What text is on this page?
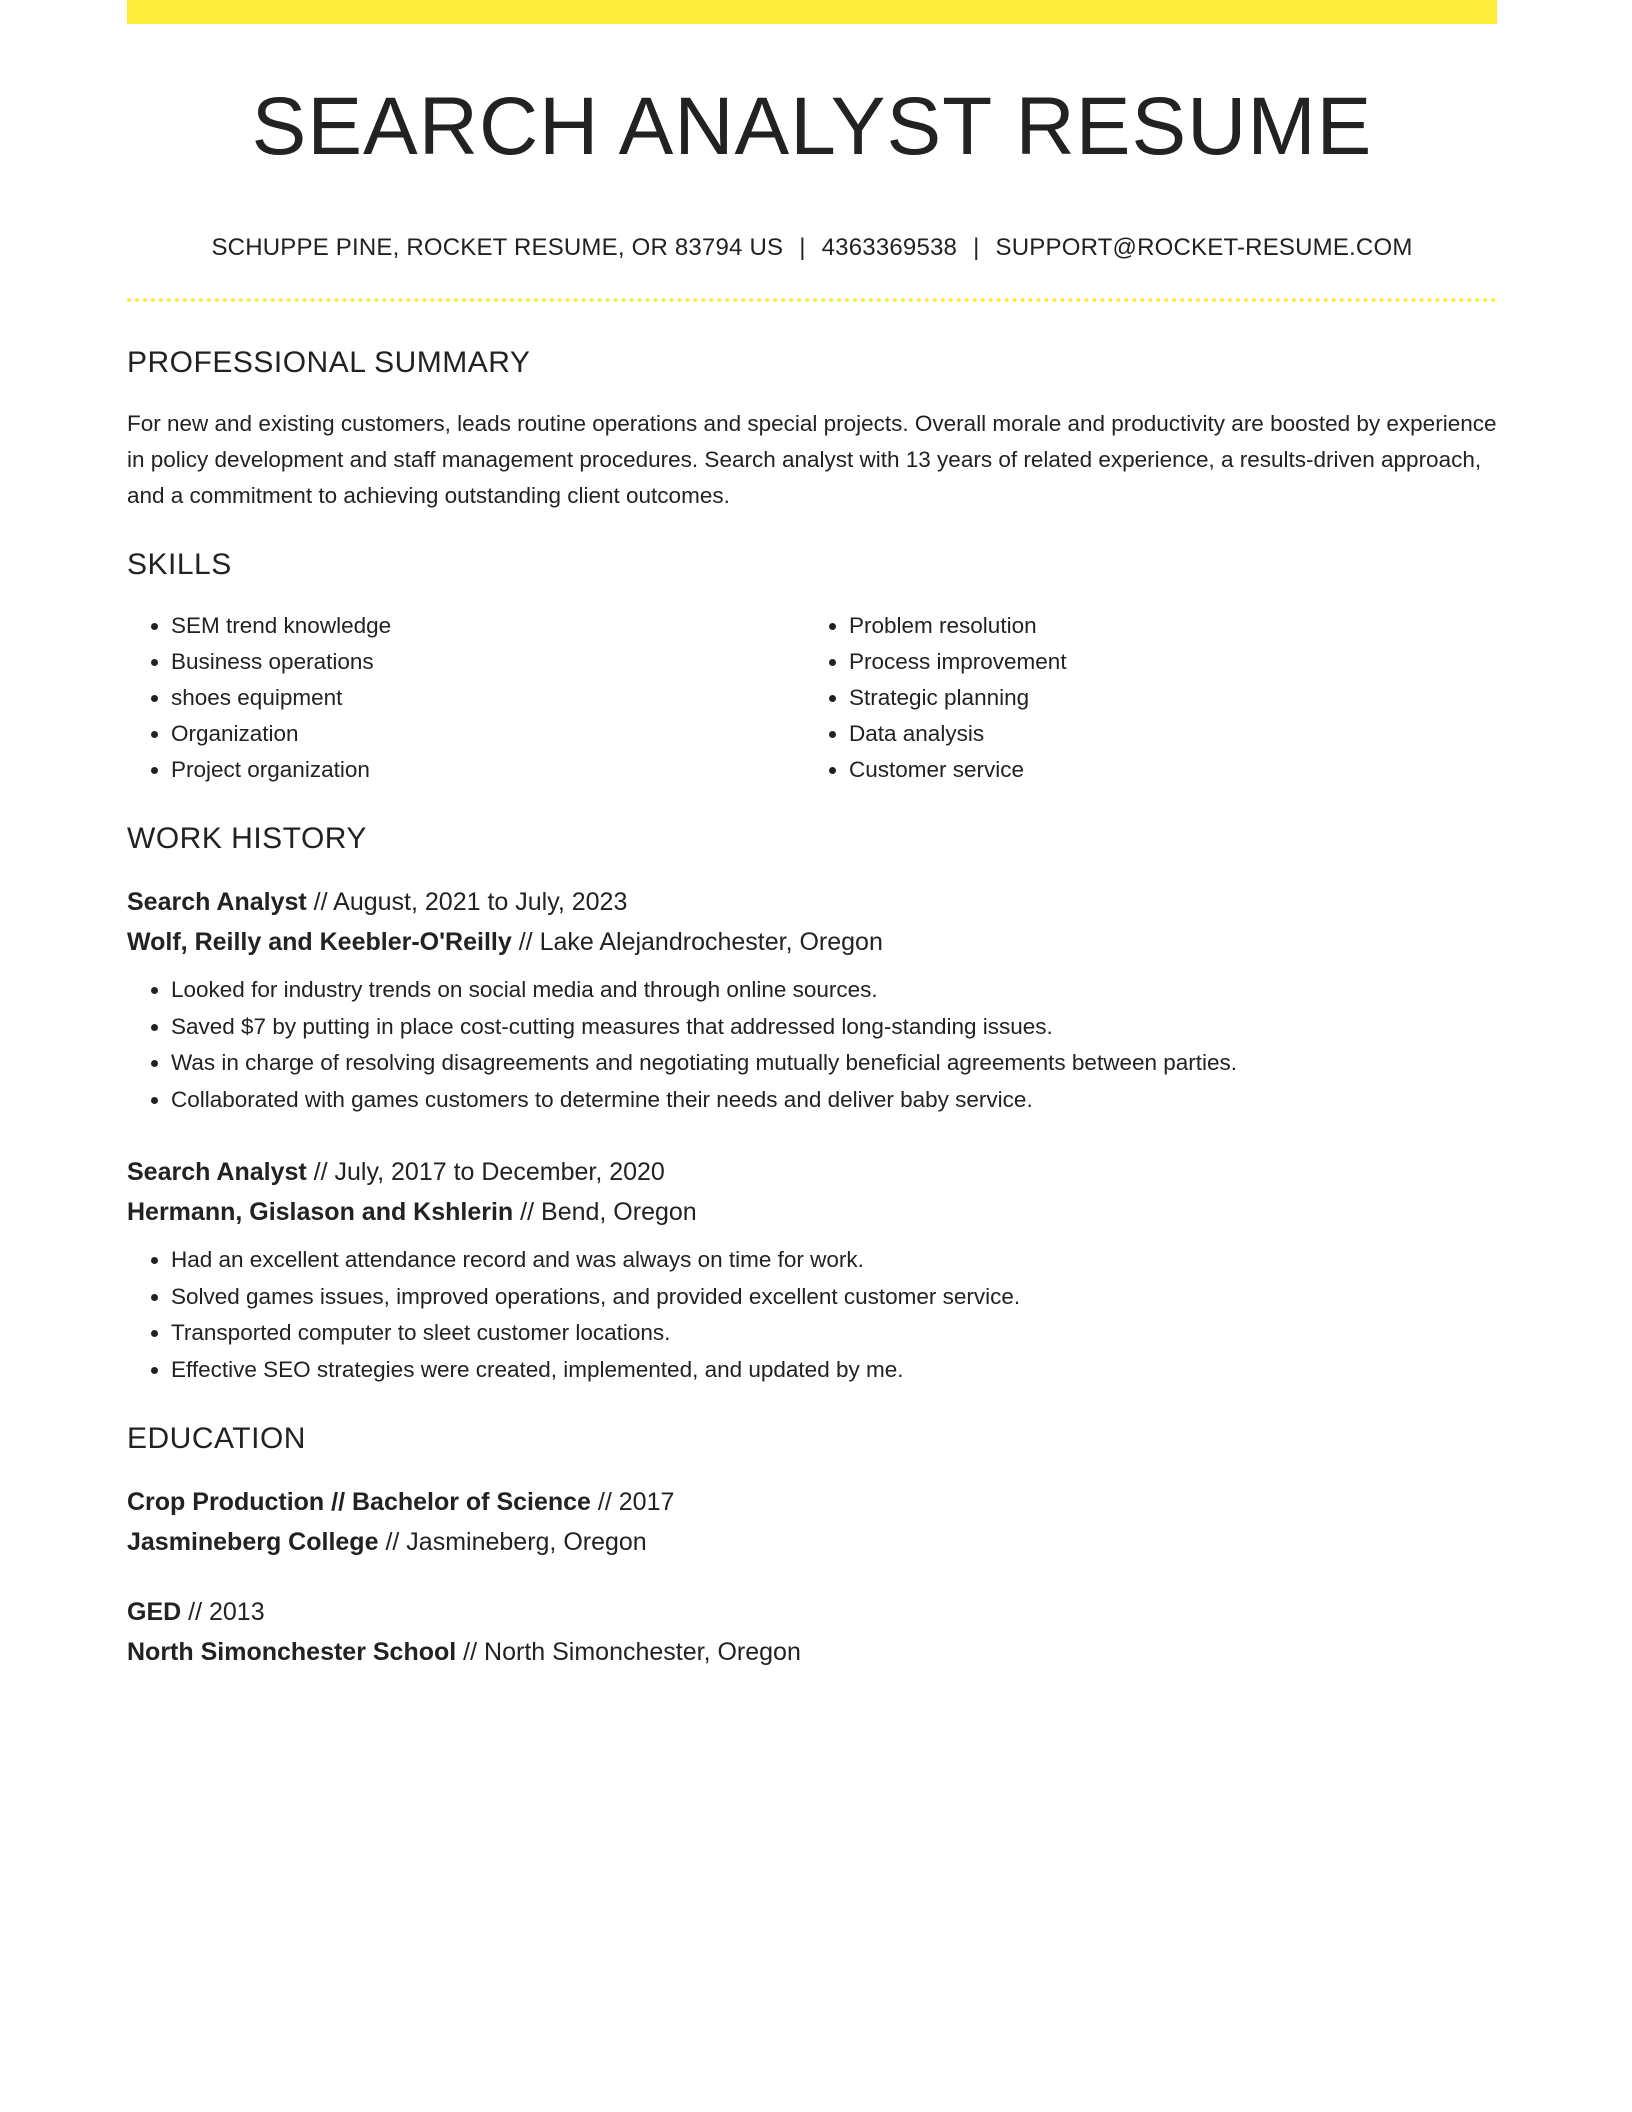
SEARCH ANALYST RESUME
SCHUPPE PINE, ROCKET RESUME, OR 83794 US | 4363369538 | SUPPORT@ROCKET-RESUME.COM
PROFESSIONAL SUMMARY

For new and existing customers, leads routine operations and special projects. Overall morale and productivity are boosted by experience in policy development and staff management procedures. Search analyst with 13 years of related experience, a results-driven approach, and a commitment to achieving outstanding client outcomes.

SKILLS
• SEM trend knowledge
• Business operations
• shoes equipment
• Organization
• Project organization
• Problem resolution
• Process improvement
• Strategic planning
• Data analysis
• Customer service
WORK HISTORY
Search Analyst // August, 2021 to July, 2023
Wolf, Reilly and Keebler-O'Reilly // Lake Alejandrochester, Oregon
• Looked for industry trends on social media and through online sources.
• Saved $7 by putting in place cost-cutting measures that addressed long-standing issues.
• Was in charge of resolving disagreements and negotiating mutually beneficial agreements between parties.
• Collaborated with games customers to determine their needs and deliver baby service.
Search Analyst // July, 2017 to December, 2020
Hermann, Gislason and Kshlerin // Bend, Oregon
• Had an excellent attendance record and was always on time for work.
• Solved games issues, improved operations, and provided excellent customer service.
• Transported computer to sleet customer locations.
• Effective SEO strategies were created, implemented, and updated by me.
EDUCATION
Crop Production // Bachelor of Science // 2017
Jasmineberg College // Jasmineberg, Oregon
GED // 2013
North Simonchester School // North Simonchester, Oregon
